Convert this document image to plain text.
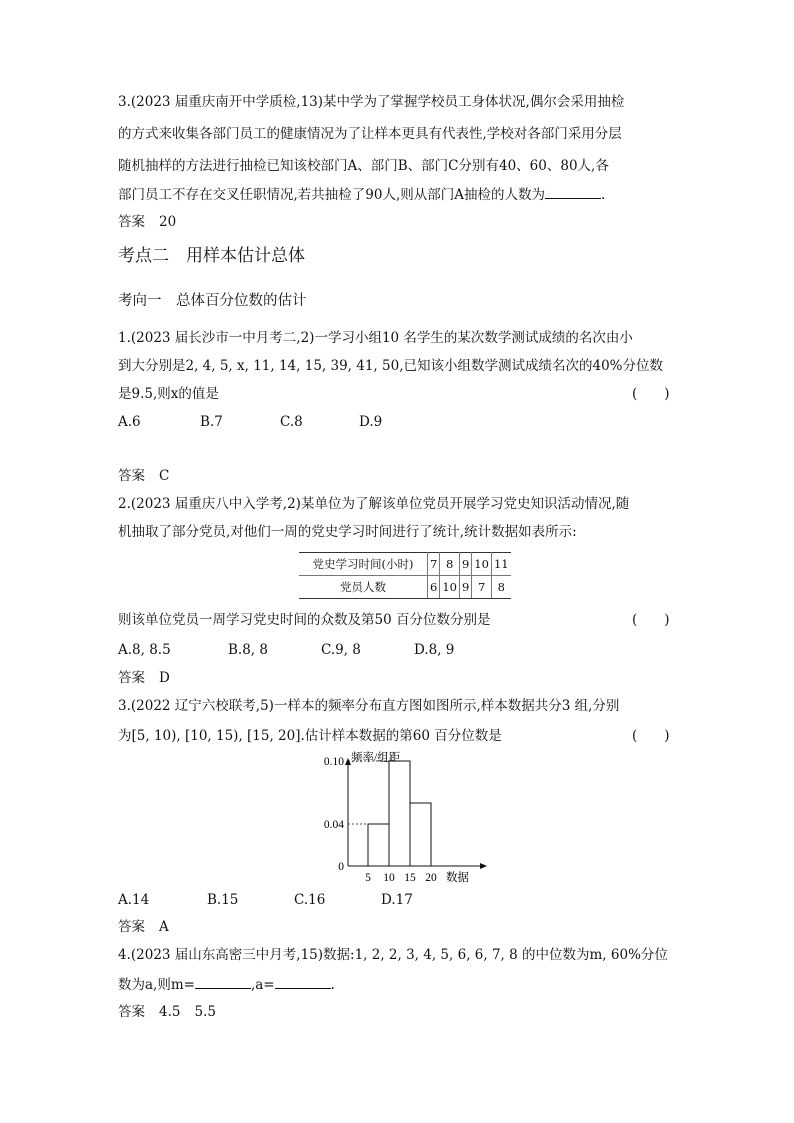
3.(2023 届重庆南开中学质检,13)某中学为了掌握学校员工身体状况,偶尔会采用抽检
的方式来收集各部门员工的健康情况为了让样本更具有代表性,学校对各部门采用分层
随机抽样的方法进行抽检已知该校部门A、部门B、部门C分别有40、60、80人,各
部门员工不存在交叉任职情况,若共抽检了90人,则从部门A抽检的人数为	.
答案 20
考点二　用样本估计总体
考向一　总体百分位数的估计
1.(2023 届长沙市一中月考二,2)一学习小组10 名学生的某次数学测试成绩的名次由小
到大分别是2, 4, 5, x, 11, 14, 15, 39, 41, 50,已知该小组数学测试成绩名次的40%分位数
是9.5,则x的值是	(　　)
A.6	B.7	C.8	D.9
答案 C
2.(2023 届重庆八中入学考,2)某单位为了解该单位党员开展学习党史知识活动情况,随
机抽取了部分党员,对他们一周的党史学习时间进行了统计,统计数据如表所示:
党史学习时间(小时)	7	8	9	10	11
党员人数	6	10	9	7	8
则该单位党员一周学习党史时间的众数及第50 百分位数分别是	(　　)
A.8, 8.5	B.8, 8	C.9, 8	D.8, 9
答案 D
3.(2022 辽宁六校联考,5)一样本的频率分布直方图如图所示,样本数据共分3 组,分别
为[5, 10), [10, 15), [15, 20].估计样本数据的第60 百分位数是	(　　)
0
0.04
0.10
5 10 15 20
频率/组距
数据
A.14	B.15	C.16	D.17
答案 A
4.(2023 届山东高密三中月考,15)数据:1, 2, 2, 3, 4, 5, 6, 6, 7, 8 的中位数为m, 60%分位
数为a,则m=	,a=	.
答案 4.5 5.5
